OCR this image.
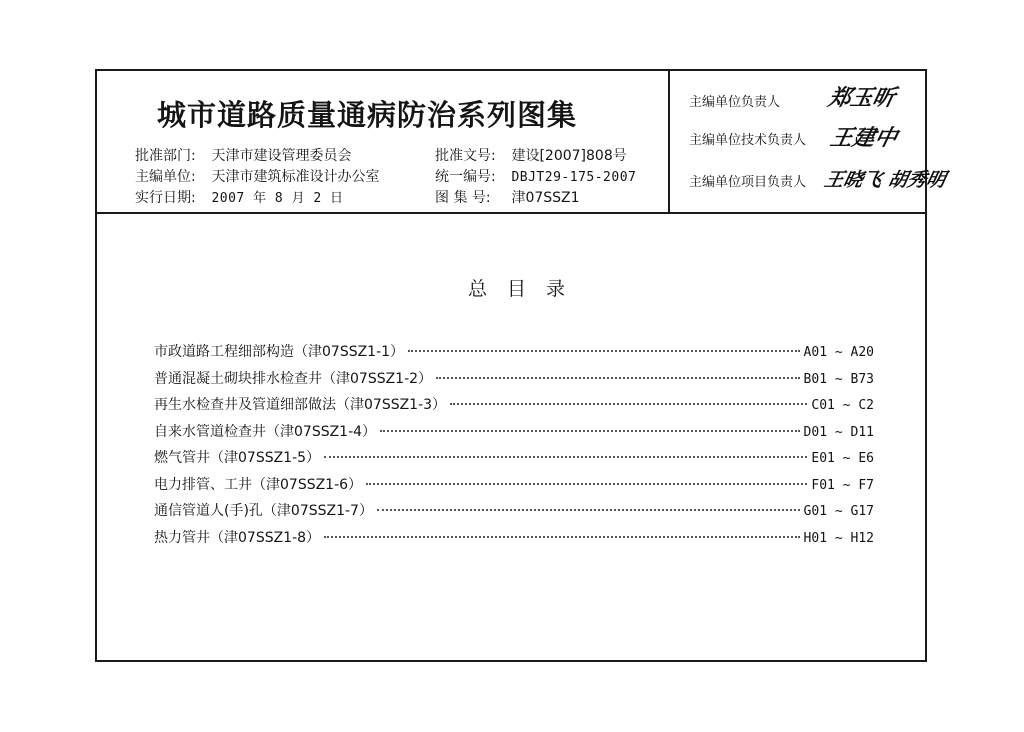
城市道路质量通病防治系列图集
批准部门: 天津市建设管理委员会
主编单位: 天津市建筑标准设计办公室
实行日期: 2007 年 8 月 2 日
批准文号: 建设[2007]808号
统一编号: DBJT29-175-2007
图 集 号: 津07SSZ1
主编单位负责人 郑玉昕
主编单位技术负责人 王建中
主编单位项目负责人 王晓飞 胡秀明
总目录
市政道路工程细部构造（津07SSZ1-1）	A01 ~ A20
普通混凝土砌块排水检查井（津07SSZ1-2）	B01 ~ B73
再生水检查井及管道细部做法（津07SSZ1-3）	C01 ~ C2
自来水管道检查井（津07SSZ1-4）	D01 ~ D11
燃气管井（津07SSZ1-5）	E01 ~ E6
电力排管、工井（津07SSZ1-6）	F01 ~ F7
通信管道人(手)孔（津07SSZ1-7）	G01 ~ G17
热力管井（津07SSZ1-8）	H01 ~ H12
